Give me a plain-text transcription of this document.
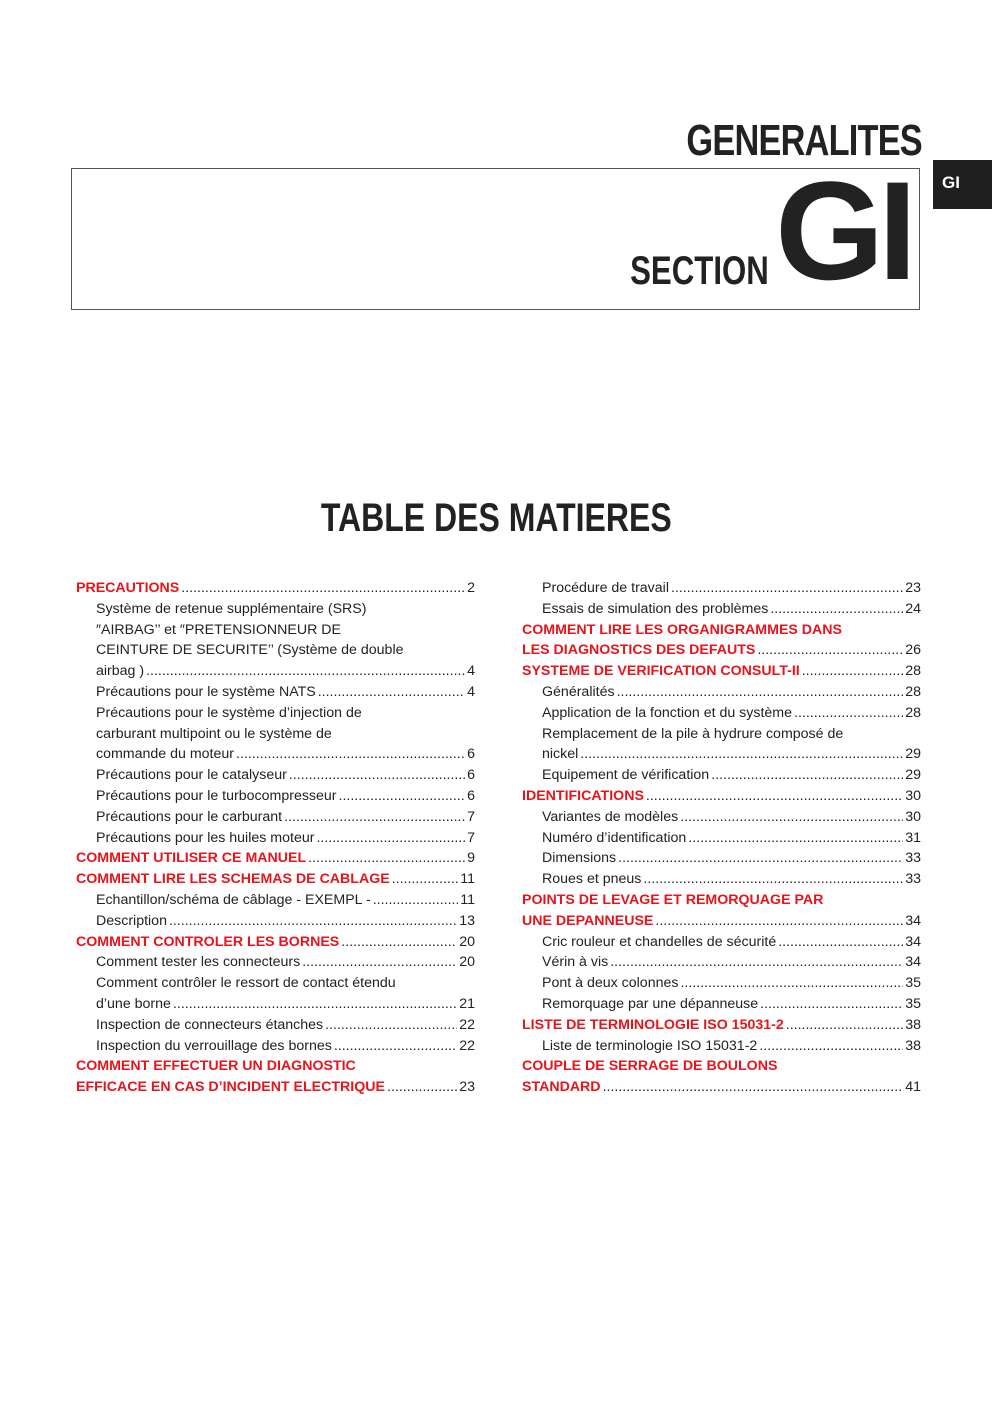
GENERALITES
SECTION GI	GI
TABLE DES MATIERES
PRECAUTIONS .....	2
Système de retenue supplémentaire (SRS)
″AIRBAG’’ et ″PRETENSIONNEUR DE
CEINTURE DE SECURITE’’ (Système de double
airbag ) .....	4
Précautions pour le système NATS .....	4
Précautions pour le système d’injection de
carburant multipoint ou le système de
commande du moteur .....	6
Précautions pour le catalyseur .....	6
Précautions pour le turbocompresseur .....	6
Précautions pour le carburant .....	7
Précautions pour les huiles moteur .....	7
COMMENT UTILISER CE MANUEL .....	9
COMMENT LIRE LES SCHEMAS DE CABLAGE .....	11
Echantillon/schéma de câblage - EXEMPL - .....	11
Description .....	13
COMMENT CONTROLER LES BORNES .....	20
Comment tester les connecteurs .....	20
Comment contrôler le ressort de contact étendu
d’une borne .....	21
Inspection de connecteurs étanches .....	22
Inspection du verrouillage des bornes .....	22
COMMENT EFFECTUER UN DIAGNOSTIC
EFFICACE EN CAS D’INCIDENT ELECTRIQUE .....	23
Procédure de travail .....	23
Essais de simulation des problèmes .....	24
COMMENT LIRE LES ORGANIGRAMMES DANS
LES DIAGNOSTICS DES DEFAUTS .....	26
SYSTEME DE VERIFICATION CONSULT-II .....	28
Généralités .....	28
Application de la fonction et du système .....	28
Remplacement de la pile à hydrure composé de
nickel .....	29
Equipement de vérification .....	29
IDENTIFICATIONS .....	30
Variantes de modèles .....	30
Numéro d’identification .....	31
Dimensions .....	33
Roues et pneus .....	33
POINTS DE LEVAGE ET REMORQUAGE PAR
UNE DEPANNEUSE .....	34
Cric rouleur et chandelles de sécurité .....	34
Vérin à vis .....	34
Pont à deux colonnes .....	35
Remorquage par une dépanneuse .....	35
LISTE DE TERMINOLOGIE ISO 15031-2 .....	38
Liste de terminologie ISO 15031-2 .....	38
COUPLE DE SERRAGE DE BOULONS
STANDARD .....	41
